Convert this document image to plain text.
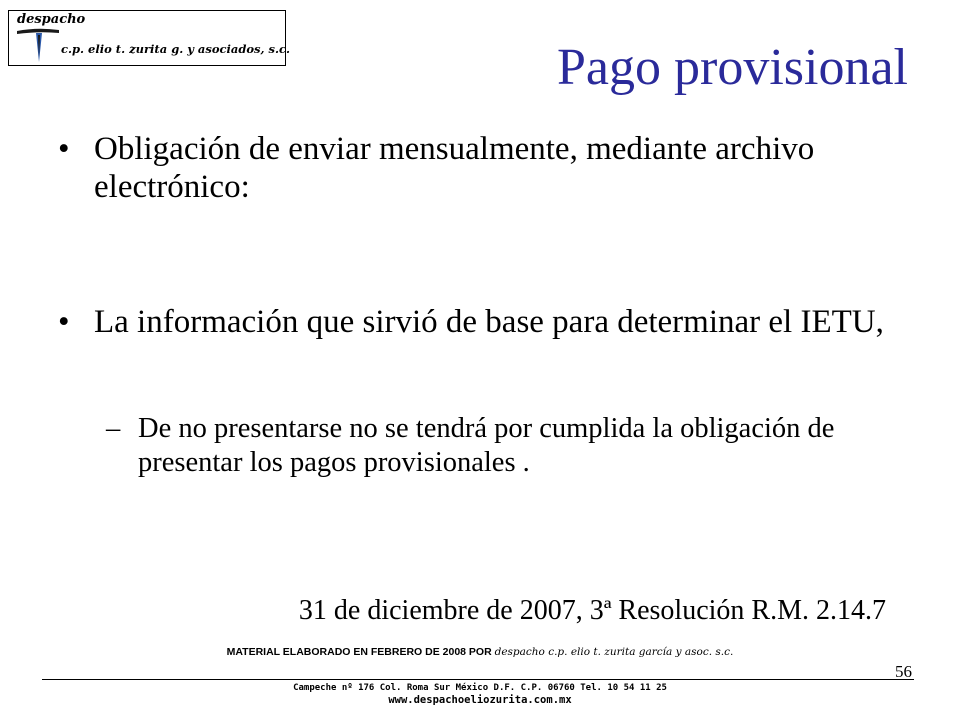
despacho
c.p. elio t. zurita g. y asociados, s.c.	Pago provisional
• Obligación de enviar mensualmente, mediante archivo electrónico:
• La información que sirvió de base para determinar el IETU,
– De no presentarse no se tendrá por cumplida la obligación de presentar los pagos provisionales .
31 de diciembre de 2007, 3ª Resolución R.M. 2.14.7
MATERIAL ELABORADO EN FEBRERO DE 2008 POR despacho c.p. elio t. zurita garcía y asoc. s.c.
56
Campeche nº 176 Col. Roma Sur México D.F. C.P. 06760 Tel. 10 54 11 25
www.despachoeliozurita.com.mx
